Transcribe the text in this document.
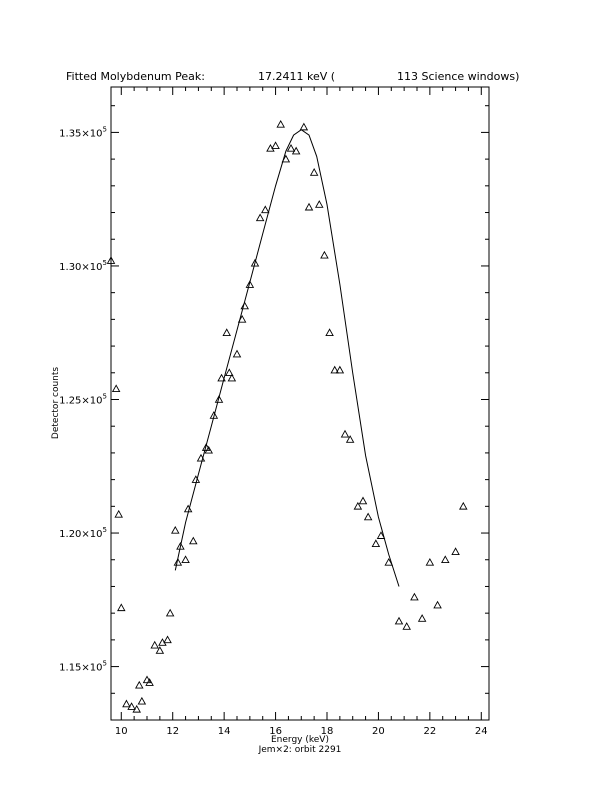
Fitted Molybdenum Peak:	17.2411 keV (	113 Science windows)
10	12	14	16	18	20	22	24
$1.15\times 10^5$
$1.20\times 10^5$
$1.25\times 10^5$
$1.30\times 10^5$
$1.35\times 10^5$
Energy (keV)
Jem×2: orbit 2291
Detector counts
